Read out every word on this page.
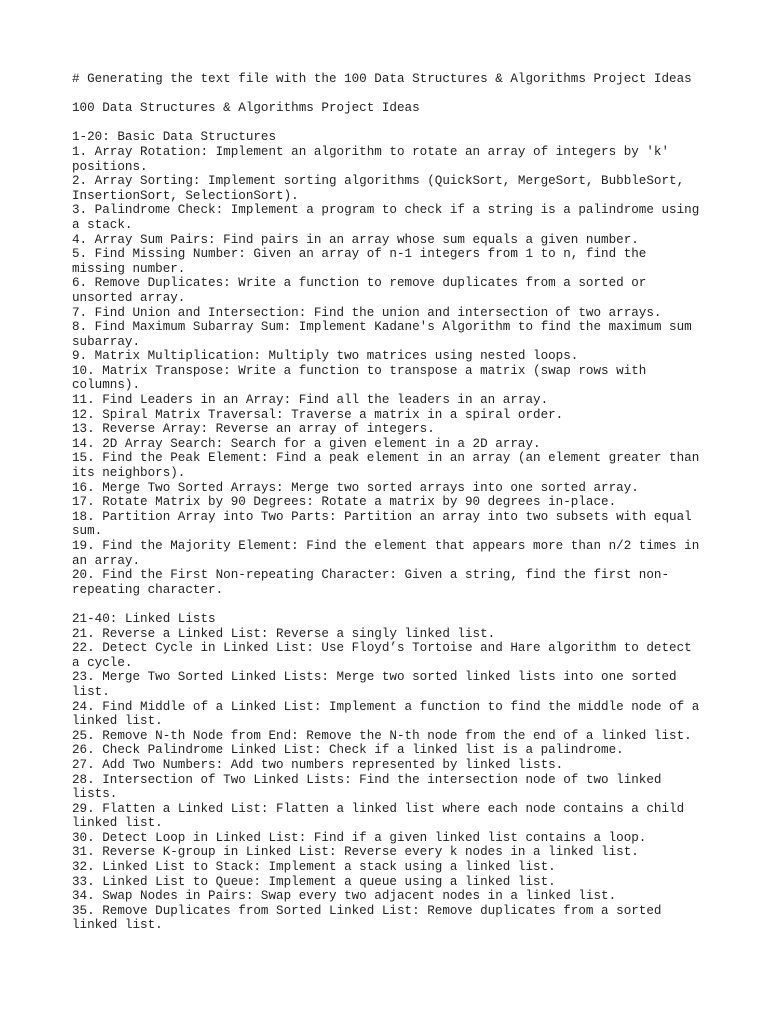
# Generating the text file with the 100 Data Structures & Algorithms Project Ideas
100 Data Structures & Algorithms Project Ideas
1-20: Basic Data Structures
1. Array Rotation: Implement an algorithm to rotate an array of integers by 'k'
positions.
2. Array Sorting: Implement sorting algorithms (QuickSort, MergeSort, BubbleSort,
InsertionSort, SelectionSort).
3. Palindrome Check: Implement a program to check if a string is a palindrome using
a stack.
4. Array Sum Pairs: Find pairs in an array whose sum equals a given number.
5. Find Missing Number: Given an array of n-1 integers from 1 to n, find the
missing number.
6. Remove Duplicates: Write a function to remove duplicates from a sorted or
unsorted array.
7. Find Union and Intersection: Find the union and intersection of two arrays.
8. Find Maximum Subarray Sum: Implement Kadane's Algorithm to find the maximum sum
subarray.
9. Matrix Multiplication: Multiply two matrices using nested loops.
10. Matrix Transpose: Write a function to transpose a matrix (swap rows with
columns).
11. Find Leaders in an Array: Find all the leaders in an array.
12. Spiral Matrix Traversal: Traverse a matrix in a spiral order.
13. Reverse Array: Reverse an array of integers.
14. 2D Array Search: Search for a given element in a 2D array.
15. Find the Peak Element: Find a peak element in an array (an element greater than
its neighbors).
16. Merge Two Sorted Arrays: Merge two sorted arrays into one sorted array.
17. Rotate Matrix by 90 Degrees: Rotate a matrix by 90 degrees in-place.
18. Partition Array into Two Parts: Partition an array into two subsets with equal
sum.
19. Find the Majority Element: Find the element that appears more than n/2 times in
an array.
20. Find the First Non-repeating Character: Given a string, find the first non-
repeating character.
21-40: Linked Lists
21. Reverse a Linked List: Reverse a singly linked list.
22. Detect Cycle in Linked List: Use Floyd’s Tortoise and Hare algorithm to detect
a cycle.
23. Merge Two Sorted Linked Lists: Merge two sorted linked lists into one sorted
list.
24. Find Middle of a Linked List: Implement a function to find the middle node of a
linked list.
25. Remove N-th Node from End: Remove the N-th node from the end of a linked list.
26. Check Palindrome Linked List: Check if a linked list is a palindrome.
27. Add Two Numbers: Add two numbers represented by linked lists.
28. Intersection of Two Linked Lists: Find the intersection node of two linked
lists.
29. Flatten a Linked List: Flatten a linked list where each node contains a child
linked list.
30. Detect Loop in Linked List: Find if a given linked list contains a loop.
31. Reverse K-group in Linked List: Reverse every k nodes in a linked list.
32. Linked List to Stack: Implement a stack using a linked list.
33. Linked List to Queue: Implement a queue using a linked list.
34. Swap Nodes in Pairs: Swap every two adjacent nodes in a linked list.
35. Remove Duplicates from Sorted Linked List: Remove duplicates from a sorted
linked list.
